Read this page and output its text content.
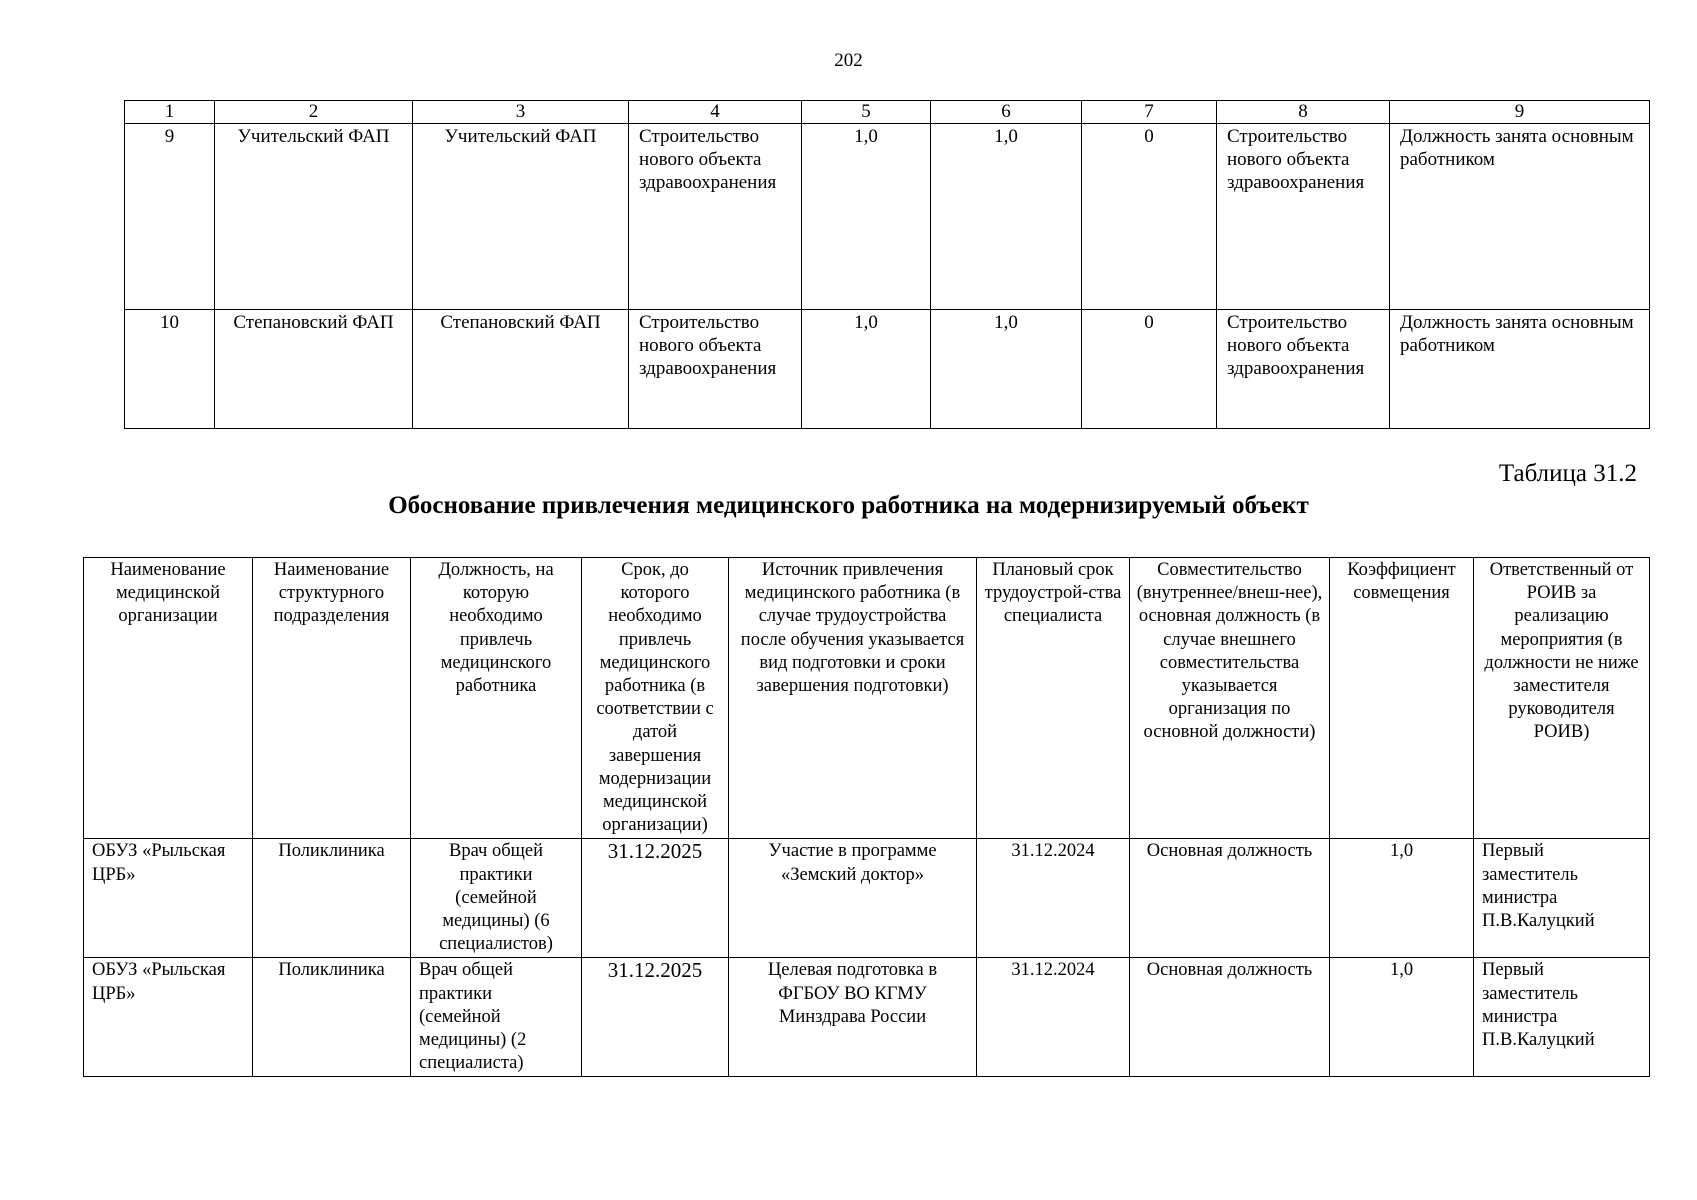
202
1	2	3	4	5	6	7	8	9
9	Учительский ФАП	Учительский ФАП	Строительство нового объекта здравоохранения	1,0	1,0	0	Строительство нового объекта здравоохранения	Должность занята основным работником
10	Степановский ФАП	Степановский ФАП	Строительство нового объекта здравоохранения	1,0	1,0	0	Строительство нового объекта здравоохранения	Должность занята основным работником
Таблица 31.2
Обоснование привлечения медицинского работника на модернизируемый объект
Наименование медицинской организации	Наименование структурного подразделения	Должность, на которую необходимо привлечь медицинского работника	Срок, до которого необходимо привлечь медицинского работника (в соответствии с датой завершения модернизации медицинской организации)	Источник привлечения медицинского работника (в случае трудоустройства после обучения указывается вид подготовки и сроки завершения подготовки)	Плановый срок трудоустрой-ства специалиста	Совместительство (внутреннее/внеш-нее), основная должность (в случае внешнего совместительства указывается организация по основной должности)	Коэффициент совмещения	Ответственный от РОИВ за реализацию мероприятия (в должности не ниже заместителя руководителя РОИВ)
ОБУЗ «Рыльская ЦРБ»	Поликлиника	Врач общей практики (семейной медицины) (6 специалистов)	31.12.2025	Участие в программе «Земский доктор»	31.12.2024	Основная должность	1,0	Первый заместитель министра П.В.Калуцкий
ОБУЗ «Рыльская ЦРБ»	Поликлиника	Врач общей практики (семейной медицины) (2 специалиста)	31.12.2025	Целевая подготовка в ФГБОУ ВО КГМУ Минздрава России	31.12.2024	Основная должность	1,0	Первый заместитель министра П.В.Калуцкий
